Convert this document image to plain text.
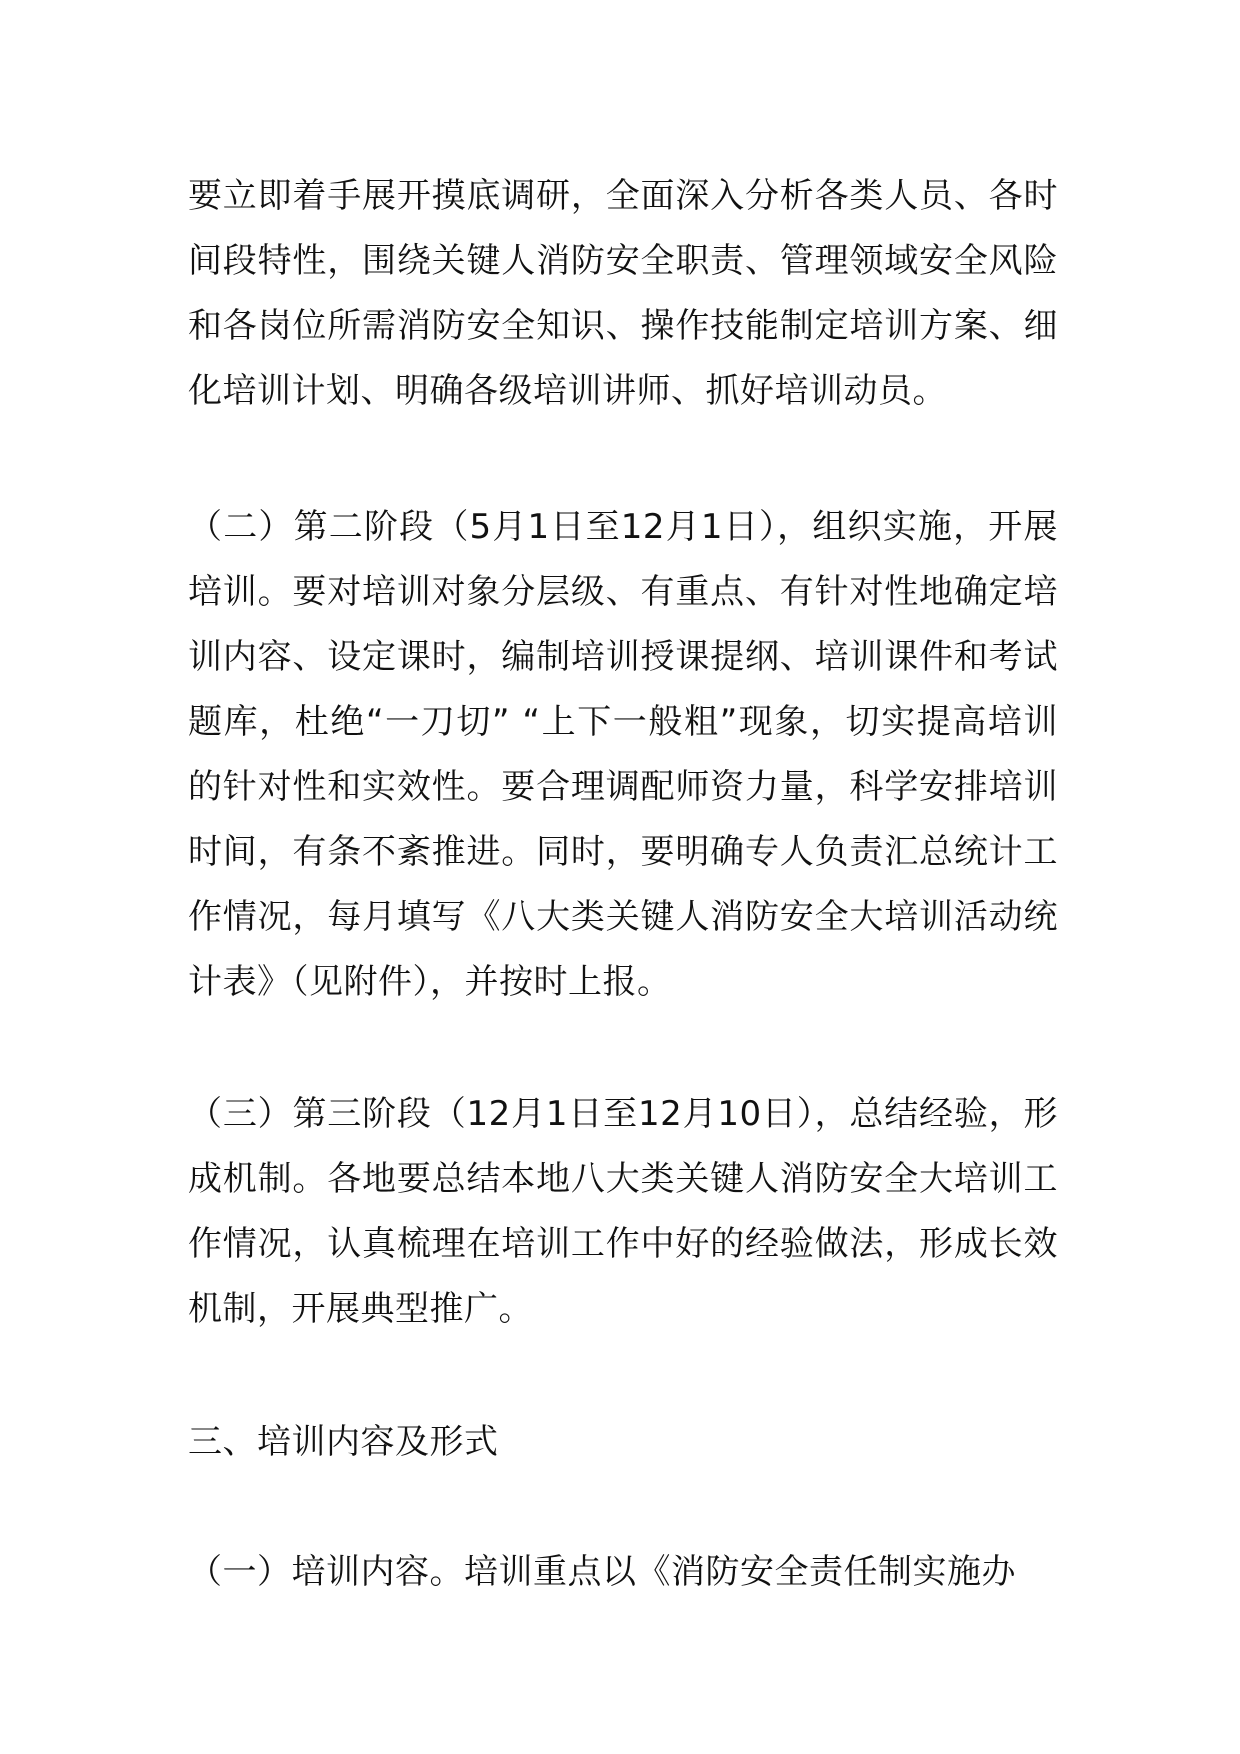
要立即着手展开摸底调研，全面深入分析各类人员、各时间段特性，围绕关键人消防安全职责、管理领域安全风险和各岗位所需消防安全知识、操作技能制定培训方案、细化培训计划、明确各级培训讲师、抓好培训动员。

（二）第二阶段（5月1日至12月1日），组织实施，开展培训。要对培训对象分层级、有重点、有针对性地确定培训内容、设定课时，编制培训授课提纲、培训课件和考试题库，杜绝“一刀切” “上下一般粗”现象，切实提高培训的针对性和实效性。要合理调配师资力量，科学安排培训时间，有条不紊推进。同时，要明确专人负责汇总统计工作情况，每月填写《八大类关键人消防安全大培训活动统计表》（见附件），并按时上报。

（三）第三阶段（12月1日至12月10日），总结经验，形成机制。各地要总结本地八大类关键人消防安全大培训工作情况，认真梳理在培训工作中好的经验做法，形成长效机制，开展典型推广。

三、培训内容及形式

（一）培训内容。培训重点以《消防安全责任制实施办
